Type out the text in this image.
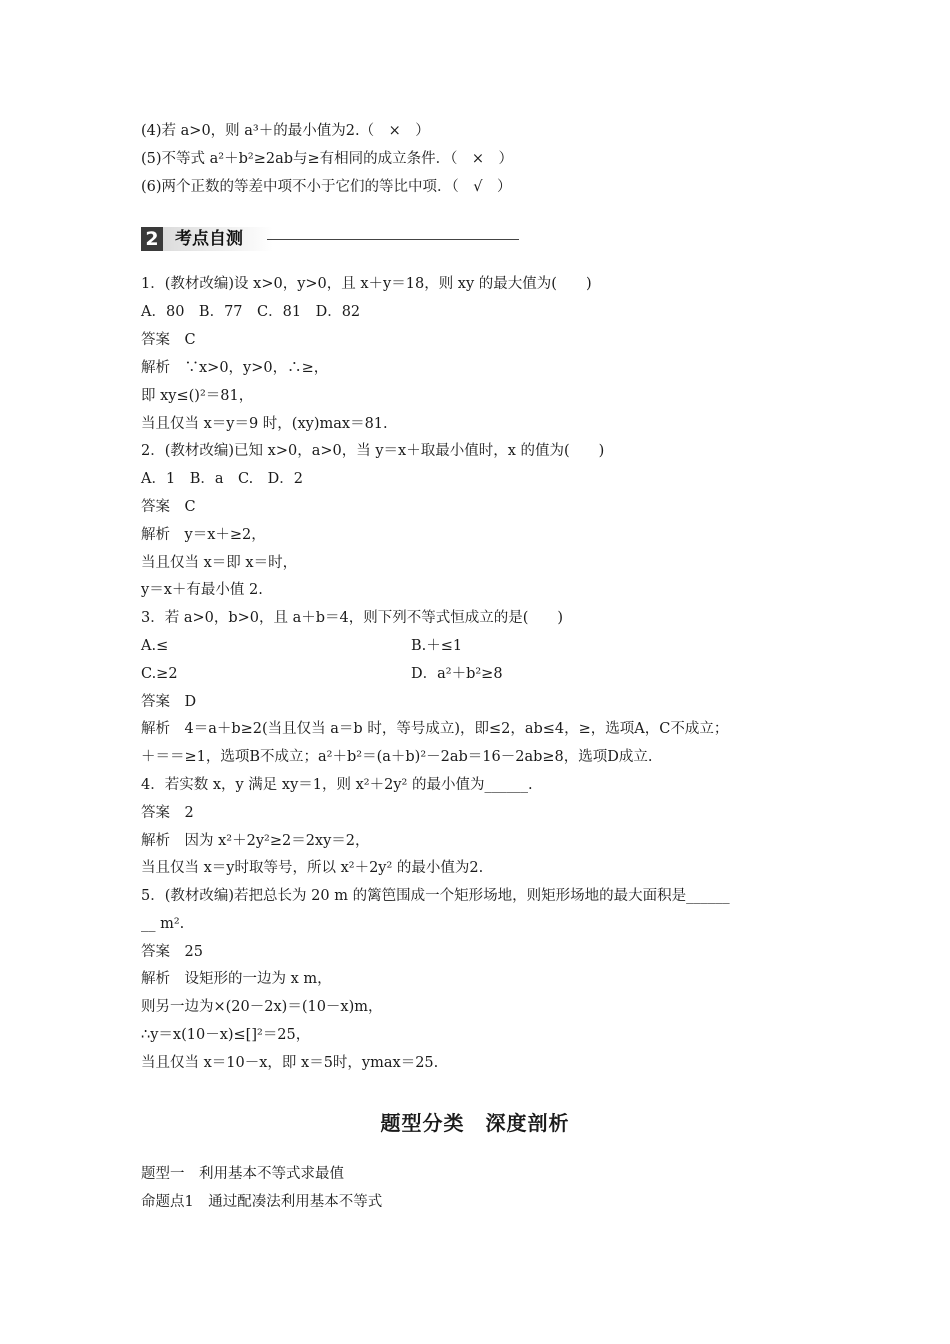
(4)若 a>0，则 a³＋的最小值为2.（　×　）
(5)不等式 a²＋b²≥2ab与≥有相同的成立条件．（　×　）
(6)两个正数的等差中项不小于它们的等比中项．（　√　）
2 考点自测
1．(教材改编)设 x>0，y>0，且 x＋y＝18，则 xy 的最大值为(　　)
A．80　B．77　C．81　D．82
答案　C
解析　∵x>0，y>0，∴≥，
即 xy≤()²＝81，
当且仅当 x＝y＝9 时，(xy)max＝81.
2．(教材改编)已知 x>0，a>0，当 y＝x＋取最小值时，x 的值为(　　)
A．1　B．a　C.　D．2
答案　C
解析　y＝x＋≥2，
当且仅当 x＝即 x＝时，
y＝x＋有最小值 2.
3．若 a>0，b>0，且 a＋b＝4，则下列不等式恒成立的是(　　)
A.≤	B.＋≤1
C.≥2	D．a²＋b²≥8
答案　D
解析　4＝a＋b≥2(当且仅当 a＝b 时，等号成立)，即≤2，ab≤4，≥，选项A，C不成立；
＋＝＝≥1，选项B不成立；a²＋b²＝(a＋b)²－2ab＝16－2ab≥8，选项D成立.
4．若实数 x，y 满足 xy＝1，则 x²＋2y² 的最小值为______.
答案　2
解析　因为 x²＋2y²≥2＝2xy＝2，
当且仅当 x＝y时取等号，所以 x²＋2y² 的最小值为2.
5．(教材改编)若把总长为 20 m 的篱笆围成一个矩形场地，则矩形场地的最大面积是______
__ m².
答案　25
解析　设矩形的一边为 x m，
则另一边为×(20－2x)＝(10－x)m，
∴y＝x(10－x)≤[]²＝25，
当且仅当 x＝10－x，即 x＝5时，ymax＝25.
题型分类　深度剖析
题型一　利用基本不等式求最值
命题点1　通过配凑法利用基本不等式
